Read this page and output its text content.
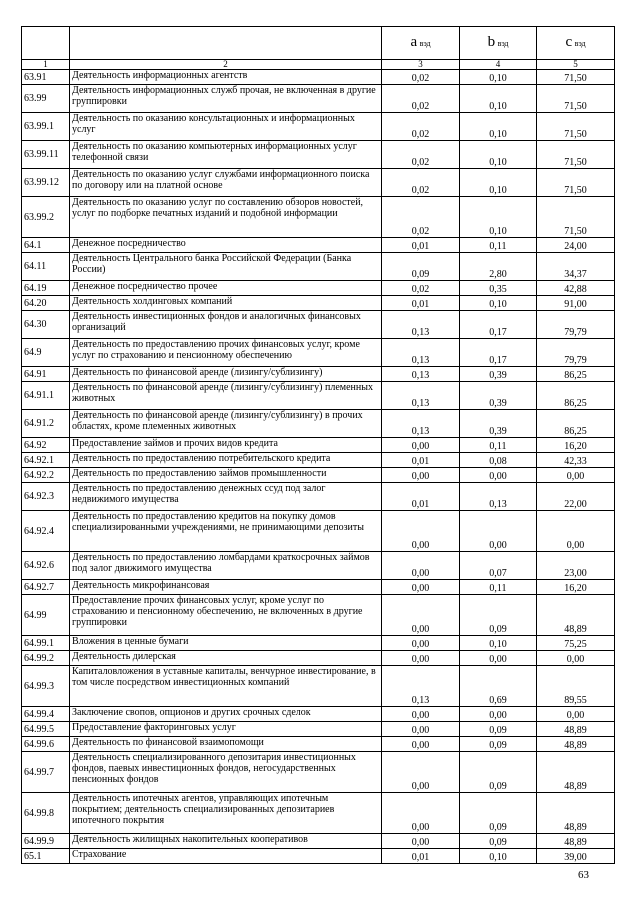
		a вэд	b вэд	c вэд
1	2	3	4	5
63.91	Деятельность информационных агентств	0,02	0,10	71,50
63.99	Деятельность информационных служб прочая, не включенная в другие группировки	0,02	0,10	71,50
63.99.1	Деятельность по оказанию консультационных и информационных услуг	0,02	0,10	71,50
63.99.11	Деятельность по оказанию компьютерных информационных услуг телефонной связи	0,02	0,10	71,50
63.99.12	Деятельность по оказанию услуг службами информационного поиска по договору или на платной основе	0,02	0,10	71,50
63.99.2	Деятельность по оказанию услуг по составлению обзоров новостей, услуг по подборке печатных изданий и подобной информации	0,02	0,10	71,50
64.1	Денежное посредничество	0,01	0,11	24,00
64.11	Деятельность Центрального банка Российской Федерации (Банка России)	0,09	2,80	34,37
64.19	Денежное посредничество прочее	0,02	0,35	42,88
64.20	Деятельность холдинговых компаний	0,01	0,10	91,00
64.30	Деятельность инвестиционных фондов и аналогичных финансовых организаций	0,13	0,17	79,79
64.9	Деятельность по предоставлению прочих финансовых услуг, кроме услуг по страхованию и пенсионному обеспечению	0,13	0,17	79,79
64.91	Деятельность по финансовой аренде (лизингу/сублизингу)	0,13	0,39	86,25
64.91.1	Деятельность по финансовой аренде (лизингу/сублизингу) племенных животных	0,13	0,39	86,25
64.91.2	Деятельность по финансовой аренде (лизингу/сублизингу) в прочих областях, кроме племенных животных	0,13	0,39	86,25
64.92	Предоставление займов и прочих видов кредита	0,00	0,11	16,20
64.92.1	Деятельность по предоставлению потребительского кредита	0,01	0,08	42,33
64.92.2	Деятельность по предоставлению займов промышленности	0,00	0,00	0,00
64.92.3	Деятельность по предоставлению денежных ссуд под залог недвижимого имущества	0,01	0,13	22,00
64.92.4	Деятельность по предоставлению кредитов на покупку домов специализированными учреждениями, не принимающими депозиты	0,00	0,00	0,00
64.92.6	Деятельность по предоставлению ломбардами краткосрочных займов под залог движимого имущества	0,00	0,07	23,00
64.92.7	Деятельность микрофинансовая	0,00	0,11	16,20
64.99	Предоставление прочих финансовых услуг, кроме услуг по страхованию и пенсионному обеспечению, не включенных в другие группировки	0,00	0,09	48,89
64.99.1	Вложения в ценные бумаги	0,00	0,10	75,25
64.99.2	Деятельность дилерская	0,00	0,00	0,00
64.99.3	Капиталовложения в уставные капиталы, венчурное инвестирование, в том числе посредством инвестиционных компаний	0,13	0,69	89,55
64.99.4	Заключение свопов, опционов и других срочных сделок	0,00	0,00	0,00
64.99.5	Предоставление факторинговых услуг	0,00	0,09	48,89
64.99.6	Деятельность по финансовой взаимопомощи	0,00	0,09	48,89
64.99.7	Деятельность специализированного депозитария инвестиционных фондов, паевых инвестиционных фондов, негосударственных пенсионных фондов	0,00	0,09	48,89
64.99.8	Деятельность ипотечных агентов, управляющих ипотечным покрытием; деятельность специализированных депозитариев ипотечного покрытия	0,00	0,09	48,89
64.99.9	Деятельность жилищных накопительных кооперативов	0,00	0,09	48,89
65.1	Страхование	0,01	0,10	39,00
63
